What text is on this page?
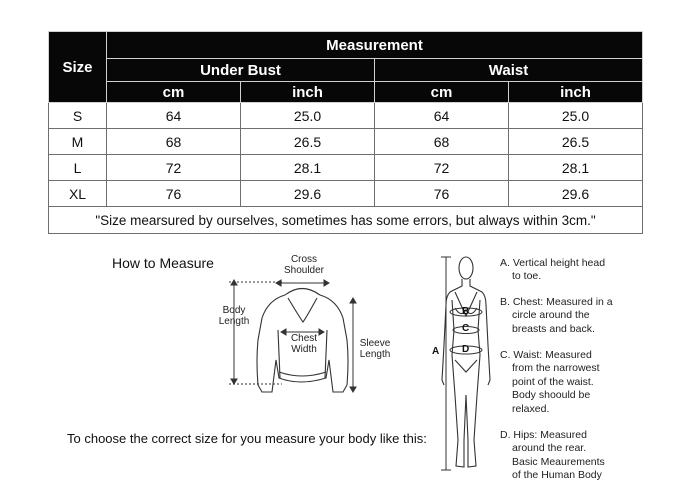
Size	Measurement			
	Under Bust		Waist	
	cm	inch	cm	inch
S	64	25.0	64	25.0
M	68	26.5	68	26.5
L	72	28.1	72	28.1
XL	76	29.6	76	29.6
"Size mearsured by ourselves, sometimes has some errors, but always within 3cm."				
How to Measure	Cross
Shoulder
Body
Length
Chest
Width
Sleeve
Length	A
B
C
D
A. Vertical height head
to toe.
B. Chest: Measured in a
circle around the
breasts and back.
C. Waist: Measured
from the narrowest
point of the waist.
Body shoould be
relaxed.
D. Hips: Measured
around the rear.
Basic Meaurements
of the Human Body
To choose the correct size for you measure your body like this:
